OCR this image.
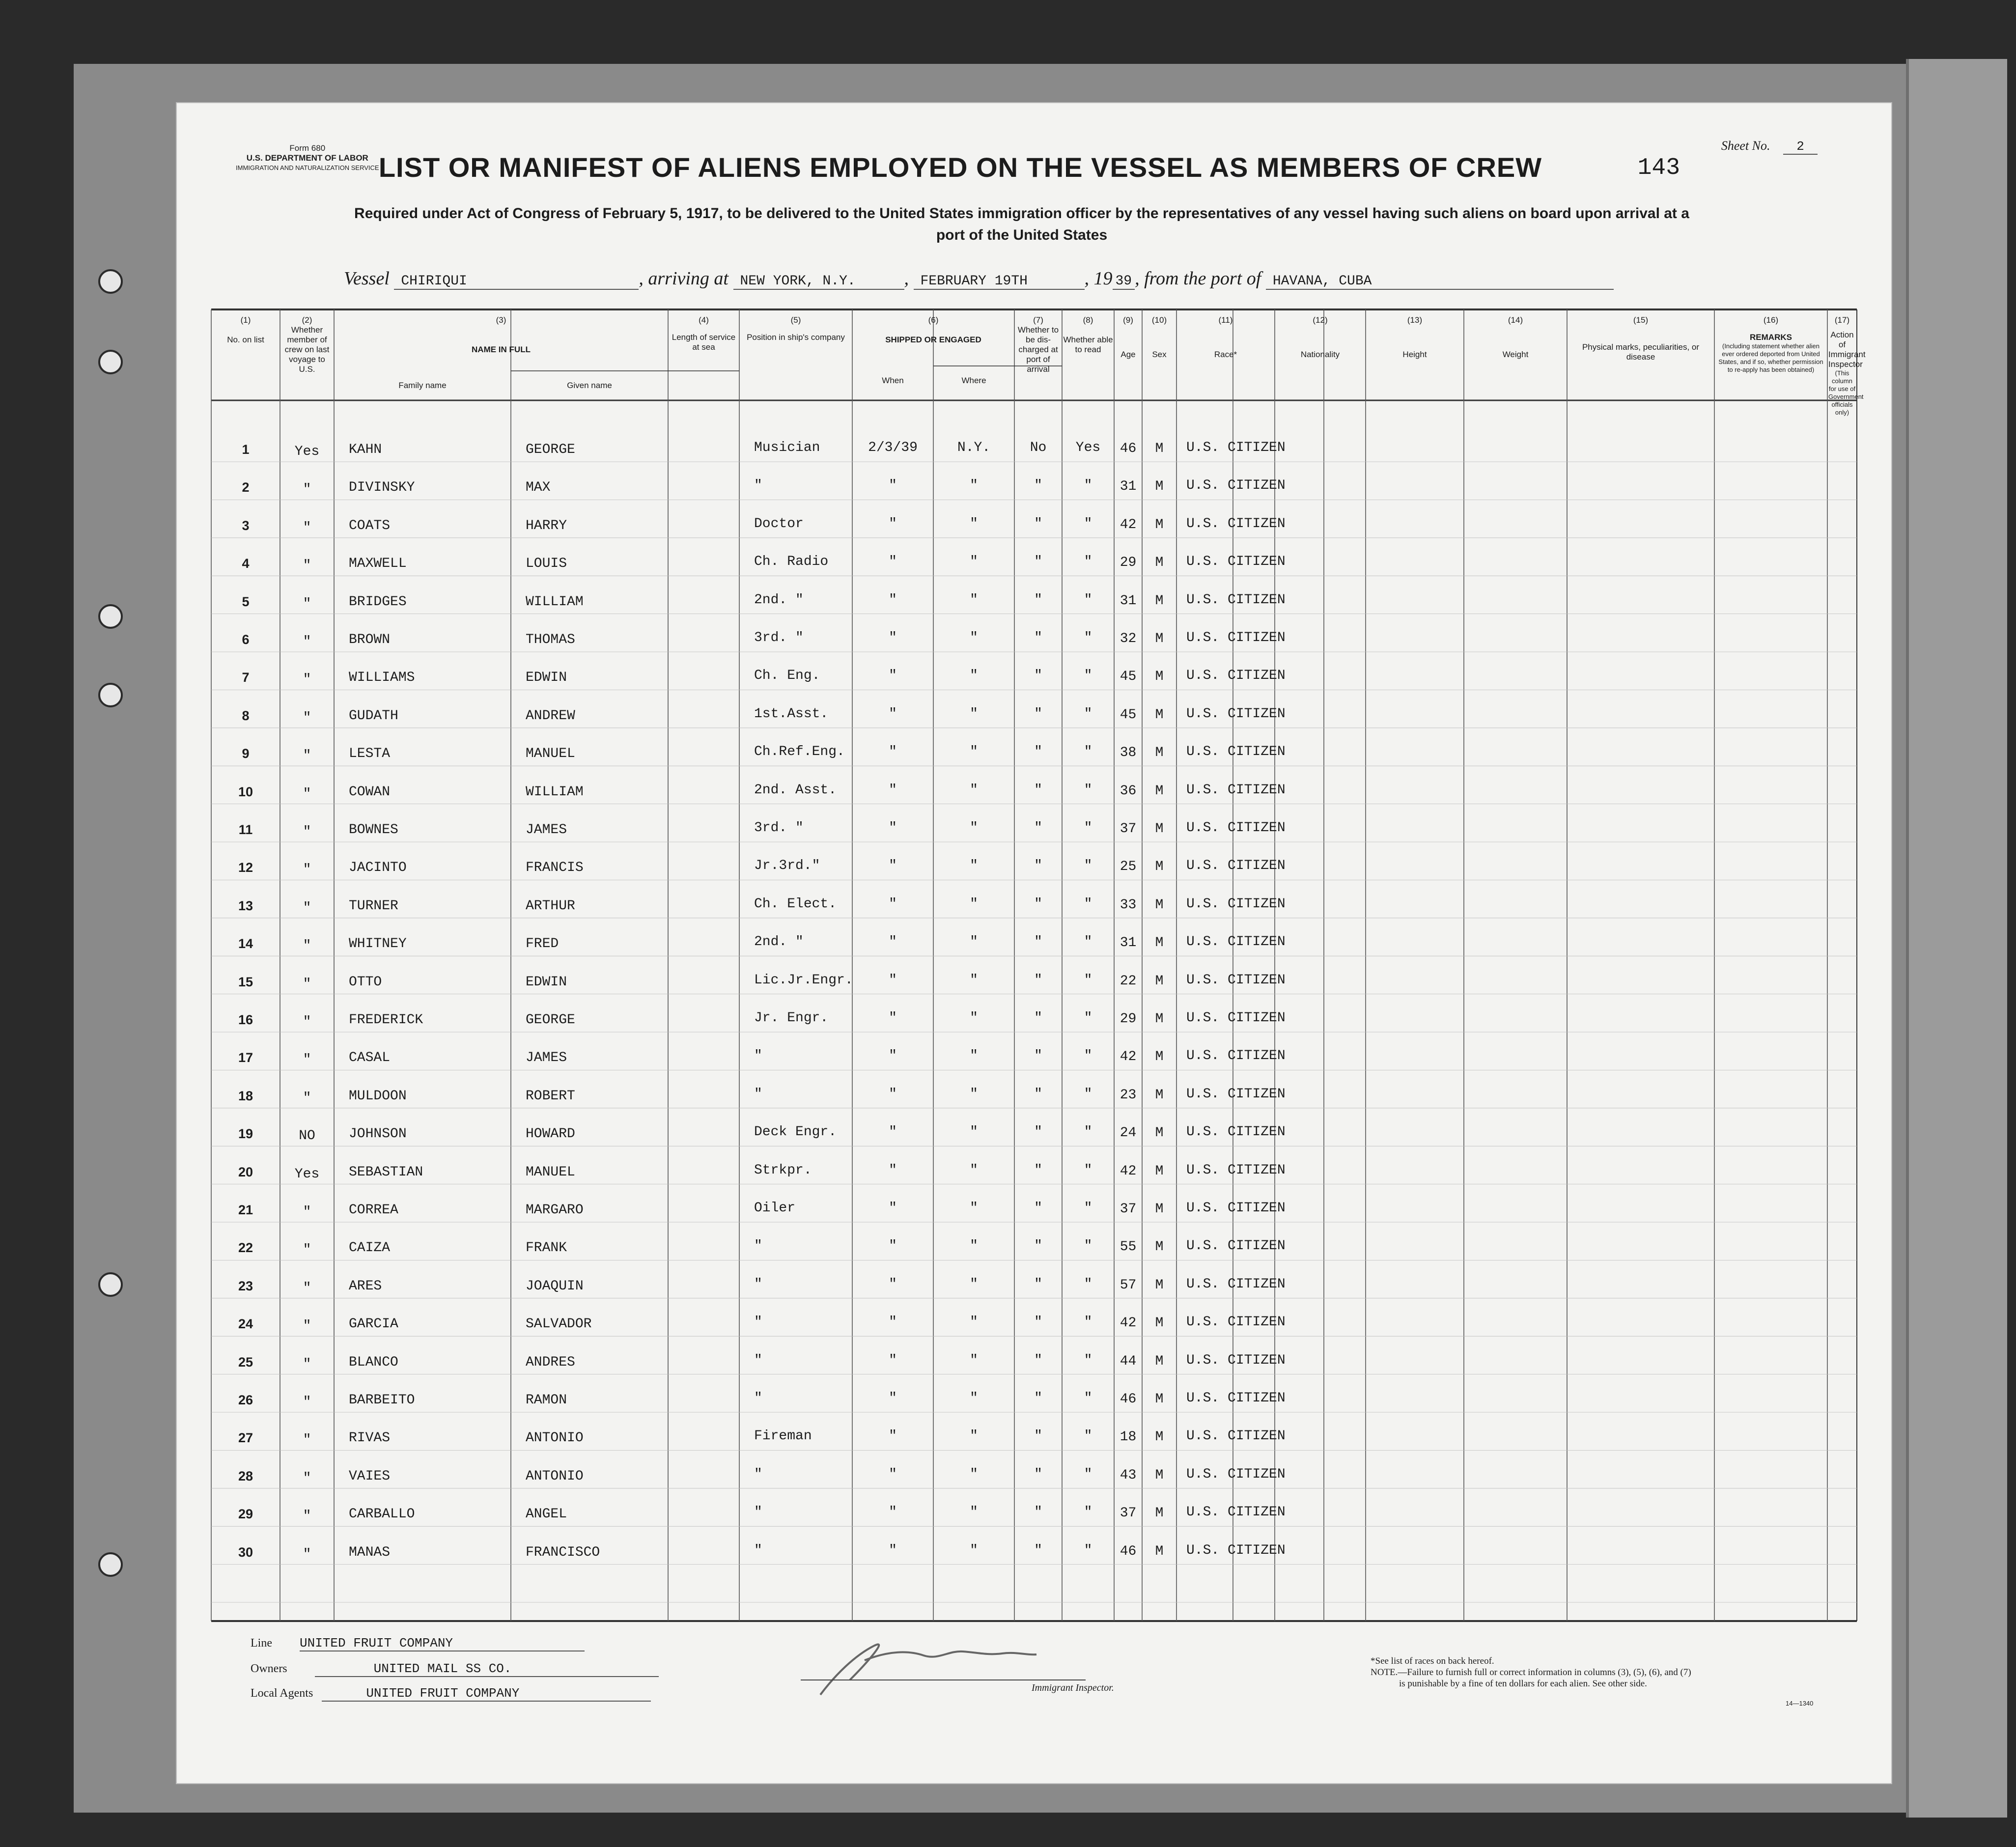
Form 680
U.S. DEPARTMENT OF LABOR
IMMIGRATION AND NATURALIZATION SERVICE
Sheet No. 2
143
LIST OR MANIFEST OF ALIENS EMPLOYED ON THE VESSEL AS MEMBERS OF CREW
Required under Act of Congress of February 5, 1917, to be delivered to the United States immigration officer by the representatives of any vessel having such aliens on board upon arrival at a
port of the United States
Vessel CHIRIQUI	, arriving at NEW YORK, N.Y.	, FEBRUARY 19TH	, 19 39 , from the port of HAVANA, CUBA
(1)
No. on list
(2)
Whether member of crew on last voyage to U.S.
(3)
NAME IN FULL
Family name	Given name
(4)
Length of service at sea
(5)
Position in ship's company
(6)
SHIPPED OR ENGAGED
When	Where
(7)
Whether to be dis-charged at port of arrival
(8)
Whether able to read
(9)
Age
(10)
Sex
(11)
Race*
(12)
Nationality
(13)
Height
(14)
Weight
(15)
Physical marks, peculiarities, or disease
(16)
REMARKS
(Including statement whether alien ever ordered deported from United States, and if so, whether permission to re-apply has been obtained)
(17)
Action of Immigrant Inspector
(This column for use of Government officials only)
1	Yes	KAHN	GEORGE	Musician	2/3/39	N.Y.	No	Yes	46	M	U.S. CITIZEN
2	"	DIVINSKY	MAX	"	"	"	"	"	31	M	U.S. CITIZEN
3	"	COATS	HARRY	Doctor	"	"	"	"	42	M	U.S. CITIZEN
4	"	MAXWELL	LOUIS	Ch. Radio	"	"	"	"	29	M	U.S. CITIZEN
5	"	BRIDGES	WILLIAM	2nd. "	"	"	"	"	31	M	U.S. CITIZEN
6	"	BROWN	THOMAS	3rd. "	"	"	"	"	32	M	U.S. CITIZEN
7	"	WILLIAMS	EDWIN	Ch. Eng.	"	"	"	"	45	M	U.S. CITIZEN
8	"	GUDATH	ANDREW	1st.Asst.	"	"	"	"	45	M	U.S. CITIZEN
9	"	LESTA	MANUEL	Ch.Ref.Eng.	"	"	"	"	38	M	U.S. CITIZEN
10	"	COWAN	WILLIAM	2nd. Asst.	"	"	"	"	36	M	U.S. CITIZEN
11	"	BOWNES	JAMES	3rd. "	"	"	"	"	37	M	U.S. CITIZEN
12	"	JACINTO	FRANCIS	Jr.3rd."	"	"	"	"	25	M	U.S. CITIZEN
13	"	TURNER	ARTHUR	Ch. Elect.	"	"	"	"	33	M	U.S. CITIZEN
14	"	WHITNEY	FRED	2nd. "	"	"	"	"	31	M	U.S. CITIZEN
15	"	OTTO	EDWIN	Lic.Jr.Engr.	"	"	"	"	22	M	U.S. CITIZEN
16	"	FREDERICK	GEORGE	Jr. Engr.	"	"	"	"	29	M	U.S. CITIZEN
17	"	CASAL	JAMES	"	"	"	"	"	42	M	U.S. CITIZEN
18	"	MULDOON	ROBERT	"	"	"	"	"	23	M	U.S. CITIZEN
19	NO	JOHNSON	HOWARD	Deck Engr.	"	"	"	"	24	M	U.S. CITIZEN
20	Yes	SEBASTIAN	MANUEL	Strkpr.	"	"	"	"	42	M	U.S. CITIZEN
21	"	CORREA	MARGARO	Oiler	"	"	"	"	37	M	U.S. CITIZEN
22	"	CAIZA	FRANK	"	"	"	"	"	55	M	U.S. CITIZEN
23	"	ARES	JOAQUIN	"	"	"	"	"	57	M	U.S. CITIZEN
24	"	GARCIA	SALVADOR	"	"	"	"	"	42	M	U.S. CITIZEN
25	"	BLANCO	ANDRES	"	"	"	"	"	44	M	U.S. CITIZEN
26	"	BARBEITO	RAMON	"	"	"	"	"	46	M	U.S. CITIZEN
27	"	RIVAS	ANTONIO	Fireman	"	"	"	"	18	M	U.S. CITIZEN
28	"	VAIES	ANTONIO	"	"	"	"	"	43	M	U.S. CITIZEN
29	"	CARBALLO	ANGEL	"	"	"	"	"	37	M	U.S. CITIZEN
30	"	MANAS	FRANCISCO	"	"	"	"	"	46	M	U.S. CITIZEN
Line UNITED FRUIT COMPANY
Owners	UNITED MAIL SS CO.
Local Agents	UNITED FRUIT COMPANY	Immigrant Inspector.
*See list of races on back hereof.
NOTE.—Failure to furnish full or correct information in columns (3), (5), (6), and (7)
is punishable by a fine of ten dollars for each alien. See other side.
14—1340
